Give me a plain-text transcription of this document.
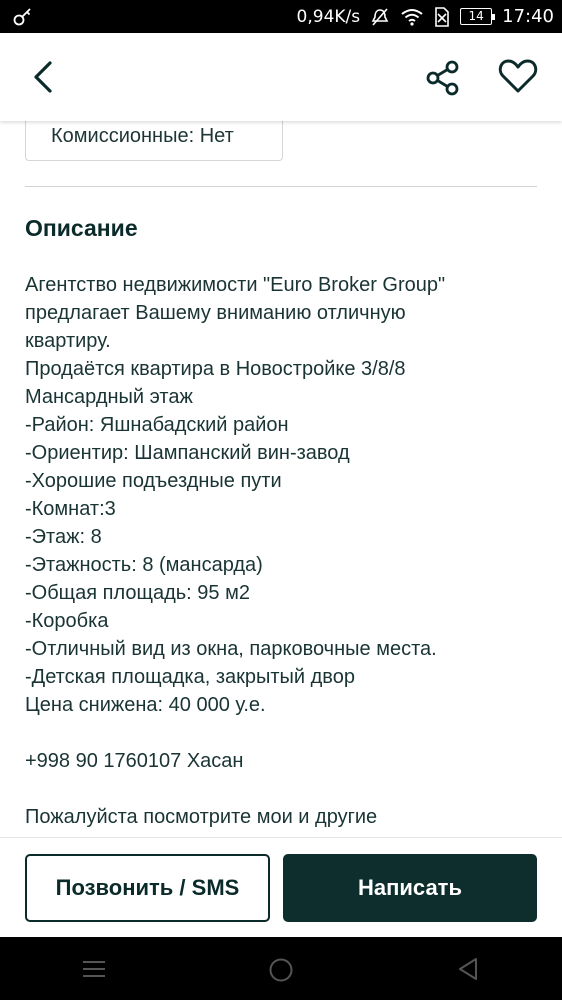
0,94K/s	14	17:40
Комиссионные: Нет
Описание
Агентство недвижимости "Euro Broker Group"
предлагает Вашему вниманию отличную
квартиру.
Продаётся квартира в Новостройке 3/8/8
Мансардный этаж
-Район: Яшнабадский район
-Ориентир: Шампанский вин-завод
-Хорошие подъездные пути
-Комнат:3
-Этаж: 8
-Этажность: 8 (мансарда)
-Общая площадь: 95 м2
-Коробка
-Отличный вид из окна, парковочные места.
-Детская площадка, закрытый двор
Цена снижена: 40 000 у.е.

+998 90 1760107 Хасан

Пожалуйста посмотрите мои и другие
Позвонить / SMS	Написать
